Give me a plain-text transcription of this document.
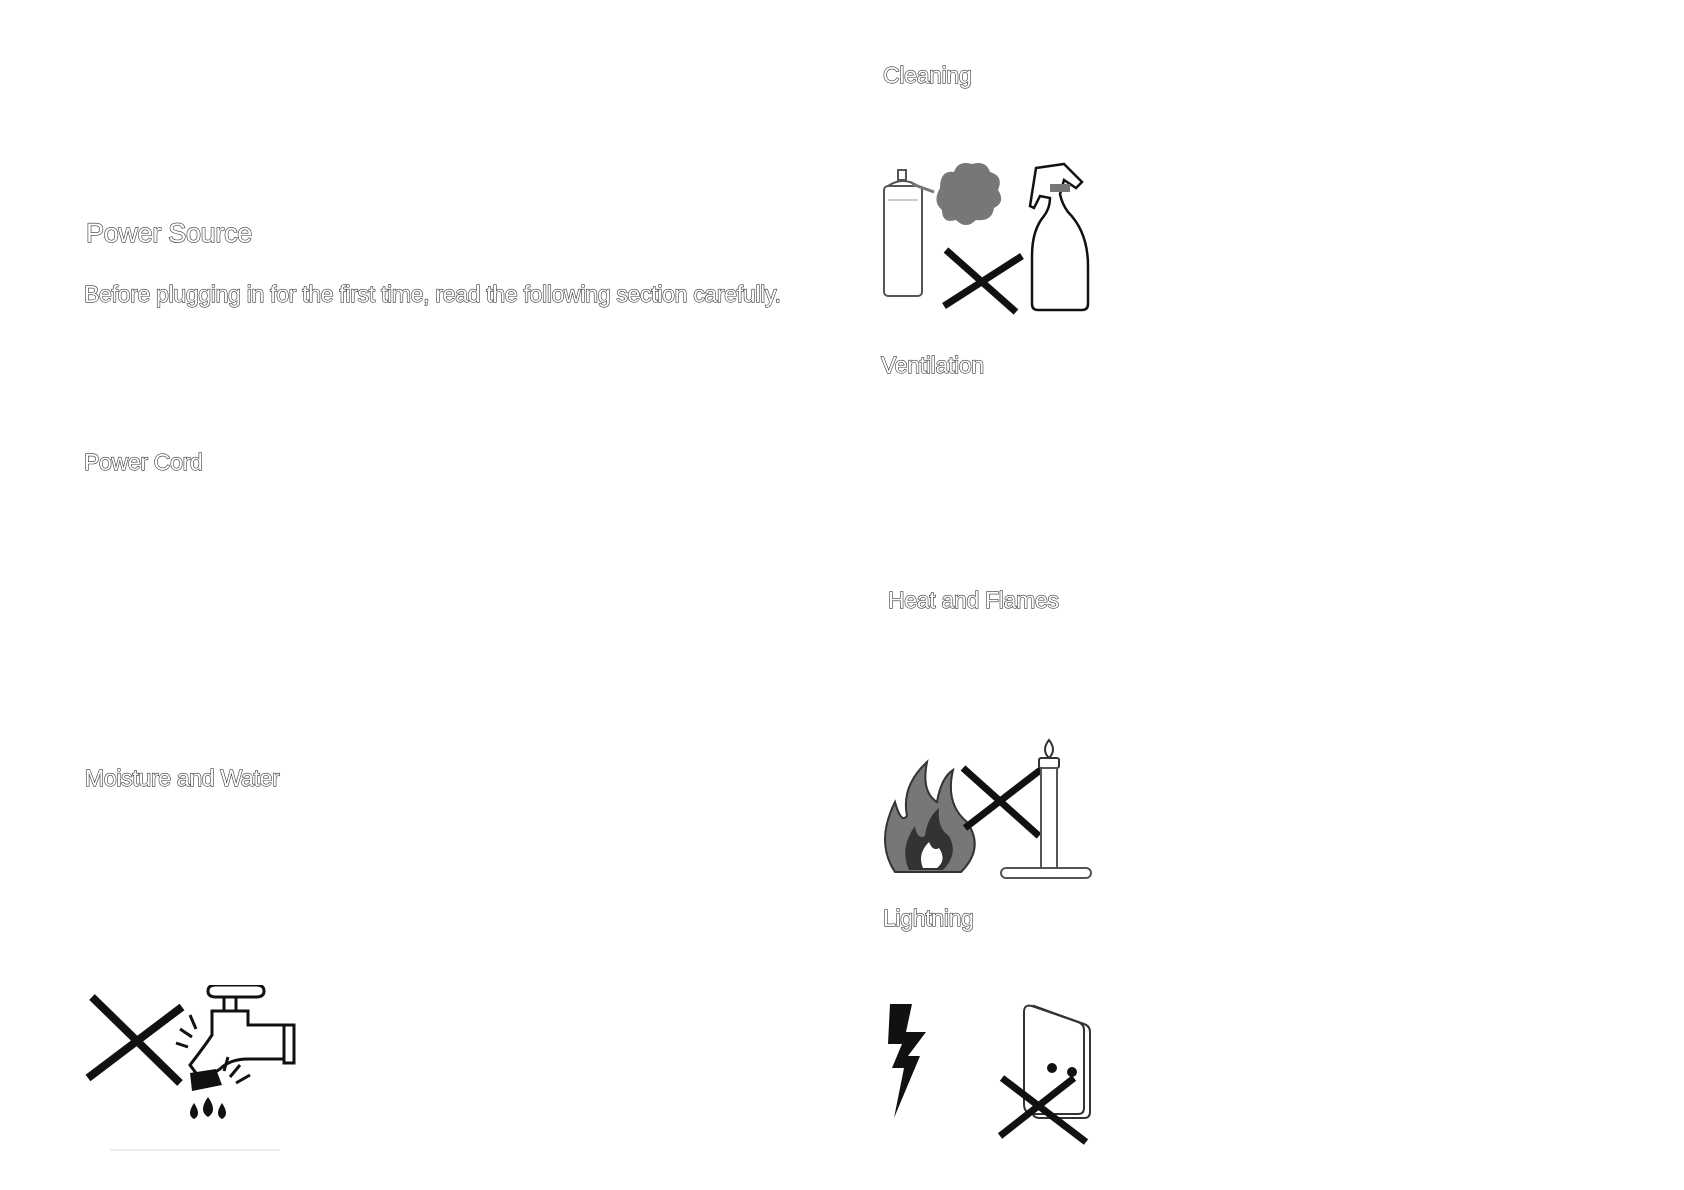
Power Source

Before plugging in for the first time, read the following section carefully.

Power Cord
Moisture and Water
Cleaning
Ventilation
Heat and Flames
Lightning
